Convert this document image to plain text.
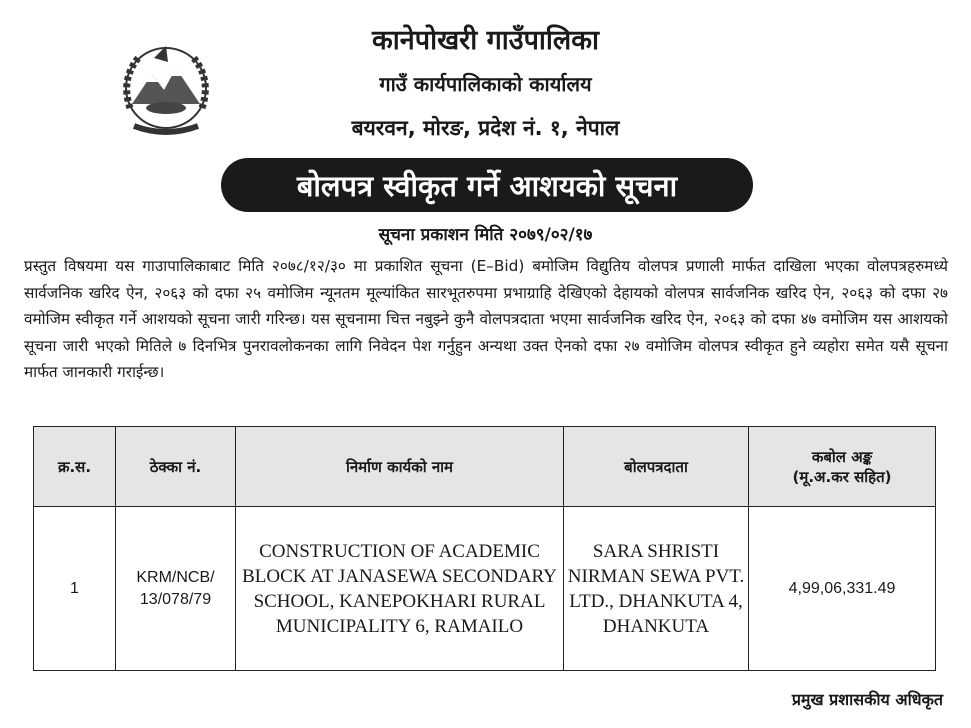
कानेपोखरी गाउँपालिका
गाउँ कार्यपालिकाको कार्यालय
बयरवन, मोरङ, प्रदेश नं. १, नेपाल
बोलपत्र स्वीकृत गर्ने आशयको सूचना
सूचना प्रकाशन मिति २०७९/०२/१७
प्रस्तुत विषयमा यस गाउापालिकाबाट मिति २०७८/१२/३० मा प्रकाशित सूचना (E–Bid) बमोजिम विद्युतिय वोलपत्र प्रणाली मार्फत दाखिला भएका वोलपत्रहरुमध्ये सार्वजनिक खरिद ऐन, २०६३ को दफा २५ वमोजिम न्यूनतम मूल्यांकित सारभूतरुपमा प्रभाग्राहि देखिएको देहायको वोलपत्र सार्वजनिक खरिद ऐन, २०६३ को दफा २७ वमोजिम स्वीकृत गर्ने आशयको सूचना जारी गरिन्छ। यस सूचनामा चित्त नबुझ्ने कुनै वोलपत्रदाता भएमा सार्वजनिक खरिद ऐन, २०६३ को दफा ४७ वमोजिम यस आशयको सूचना जारी भएको मितिले ७ दिनभित्र पुनरावलोकनका लागि निवेदन पेश गर्नुहुन अन्यथा उक्त ऐनको दफा २७ वमोजिम वोलपत्र स्वीकृत हुने व्यहोरा समेत यसै सूचना मार्फत जानकारी गराईन्छ।
क्र.स.	ठेक्का नं.	निर्माण कार्यको नाम	बोलपत्रदाता	कबोल अङ्क
(मू.अ.कर सहित)

1	KRM/NCB/ 13/078/79	CONSTRUCTION OF ACADEMIC BLOCK AT JANASEWA SECONDARY SCHOOL, KANEPOKHARI RURAL MUNICIPALITY 6, RAMAILO	SARA SHRISTI NIRMAN SEWA PVT. LTD., DHANKUTA 4, DHANKUTA	4,99,06,331.49
प्रमुख प्रशासकीय अधिकृत
